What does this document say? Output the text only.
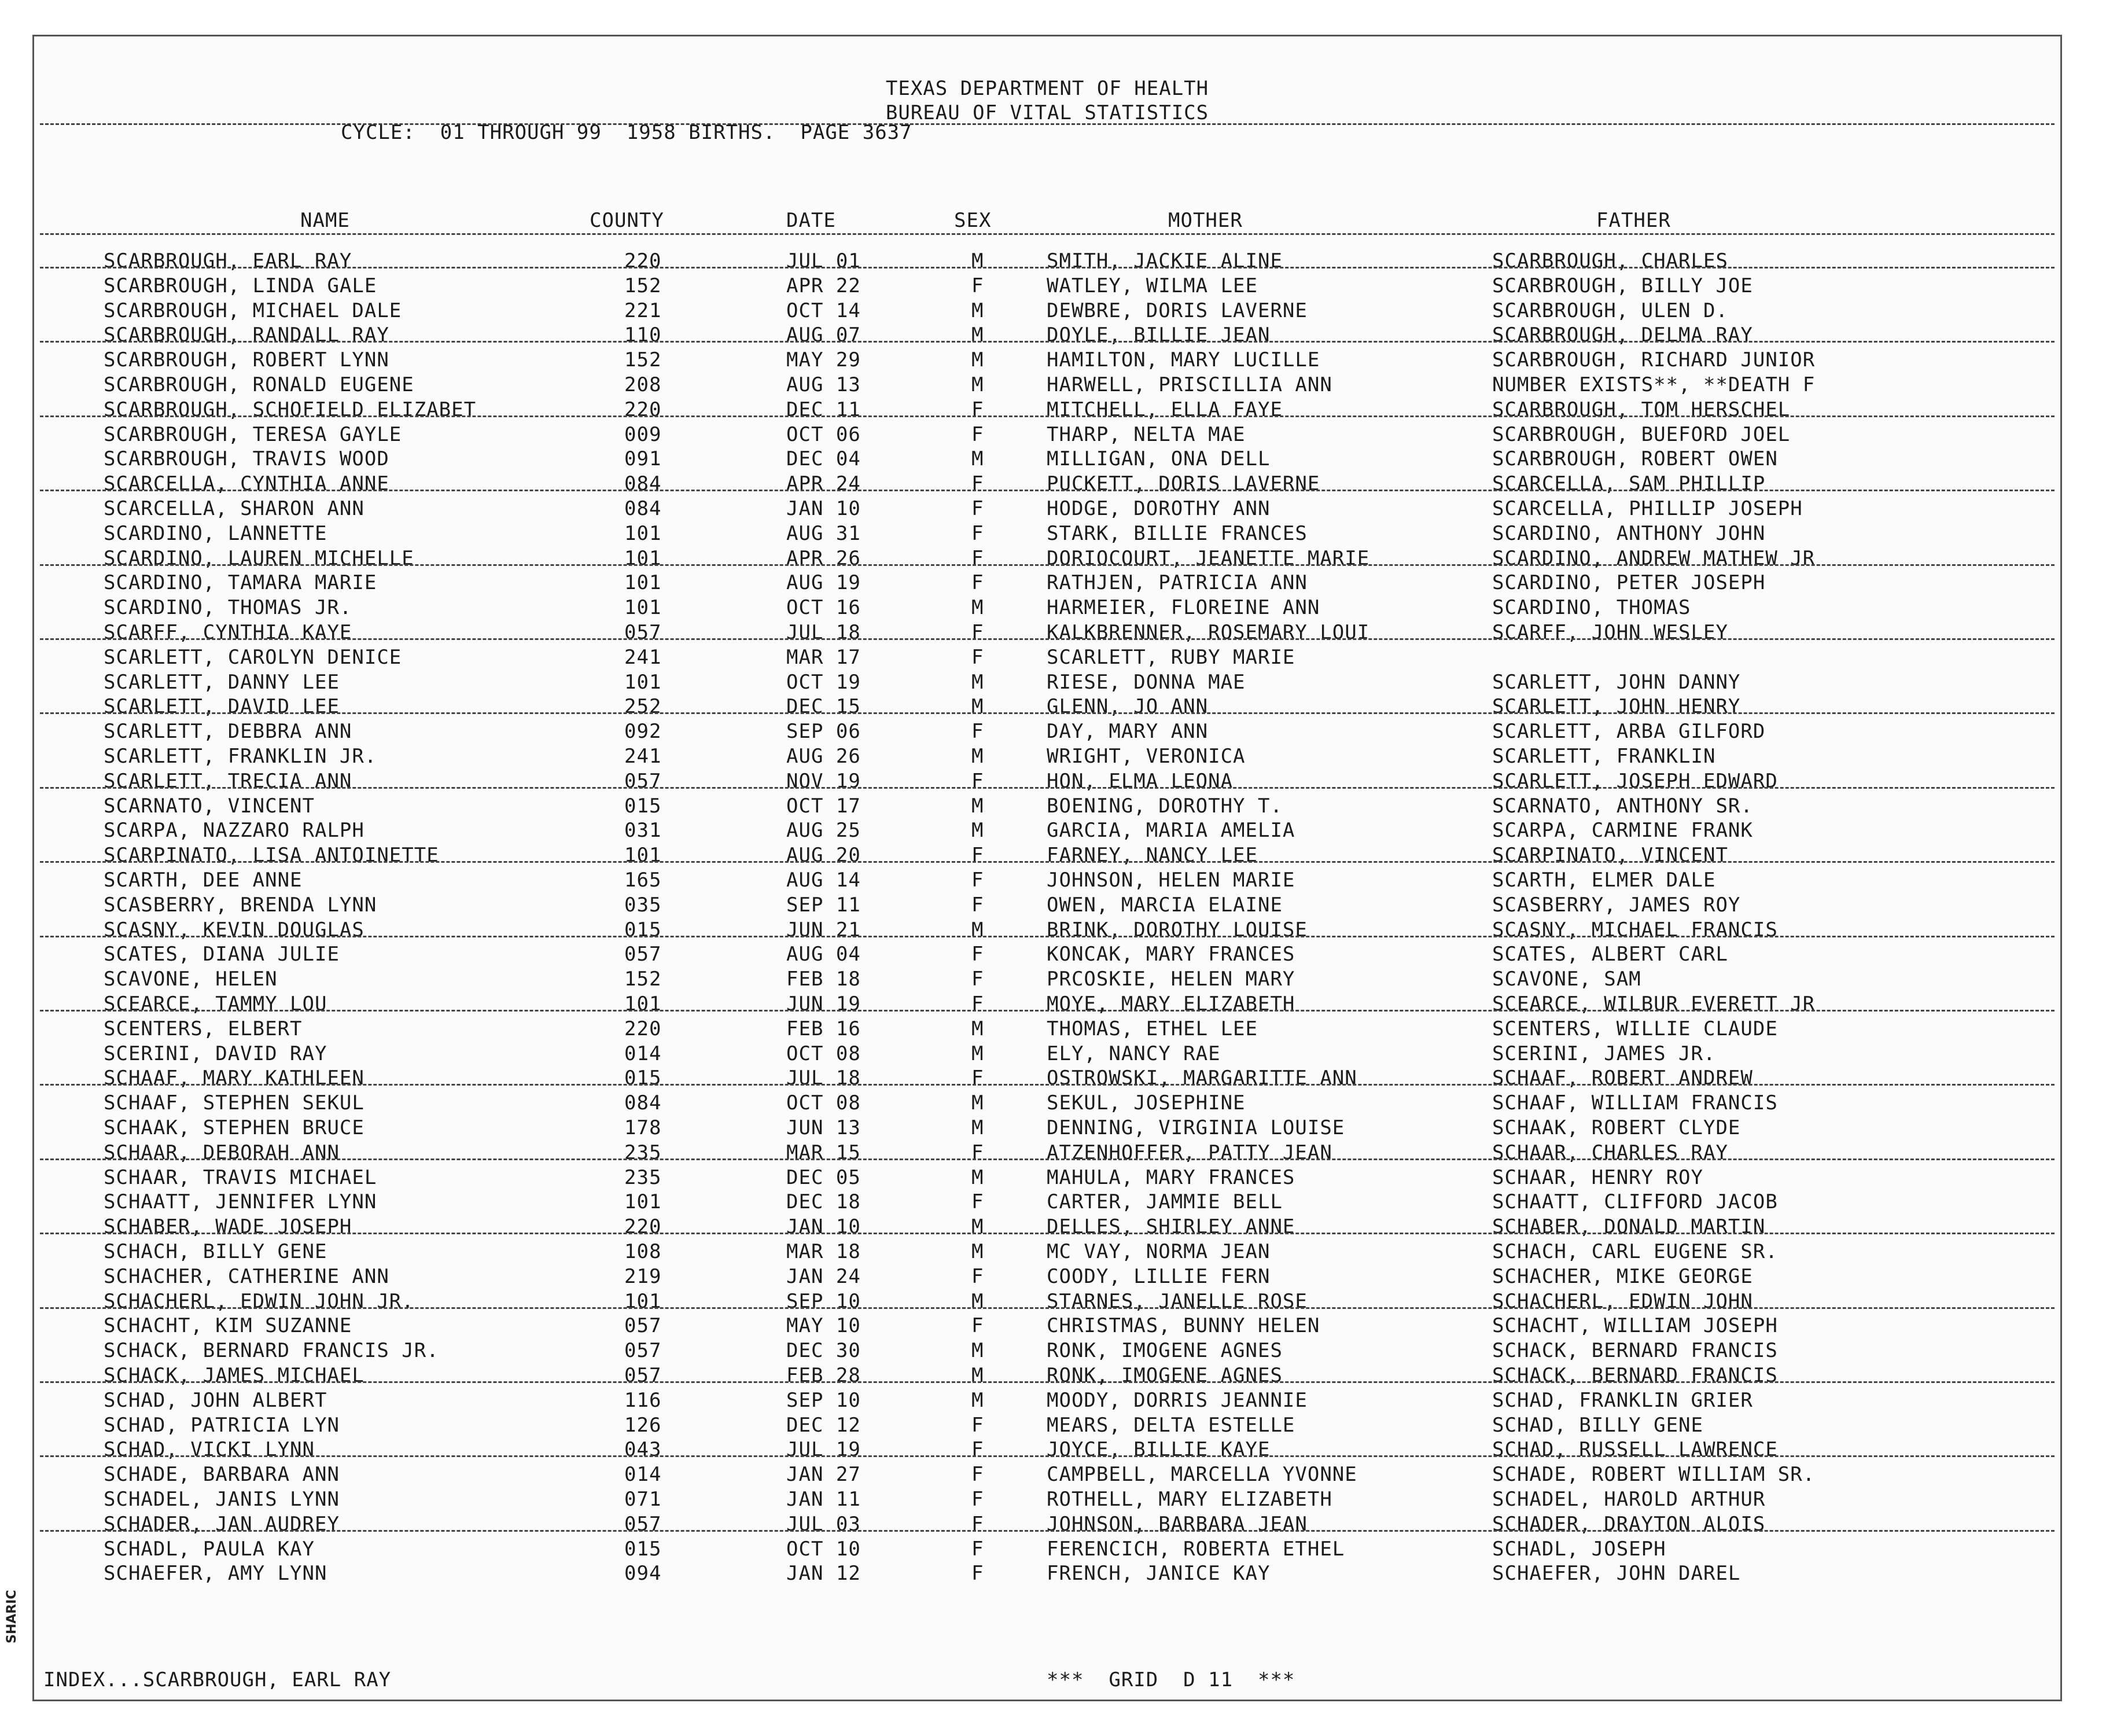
SHARIC
TEXAS DEPARTMENT OF HEALTH
BUREAU OF VITAL STATISTICS
CYCLE:  01 THROUGH 99  1958 BIRTHS.  PAGE 3637
NAME	COUNTY	DATE	SEX	MOTHER	FATHER
SCARBROUGH, EARL RAY	220	JUL 01	M	SMITH, JACKIE ALINE	SCARBROUGH, CHARLES
SCARBROUGH, LINDA GALE	152	APR 22	F	WATLEY, WILMA LEE	SCARBROUGH, BILLY JOE
SCARBROUGH, MICHAEL DALE	221	OCT 14	M	DEWBRE, DORIS LAVERNE	SCARBROUGH, ULEN D.
SCARBROUGH, RANDALL RAY	110	AUG 07	M	DOYLE, BILLIE JEAN	SCARBROUGH, DELMA RAY
SCARBROUGH, ROBERT LYNN	152	MAY 29	M	HAMILTON, MARY LUCILLE	SCARBROUGH, RICHARD JUNIOR
SCARBROUGH, RONALD EUGENE	208	AUG 13	M	HARWELL, PRISCILLIA ANN	NUMBER EXISTS**, **DEATH F
SCARBROUGH, SCHOFIELD ELIZABET	220	DEC 11	F	MITCHELL, ELLA FAYE	SCARBROUGH, TOM HERSCHEL
SCARBROUGH, TERESA GAYLE	009	OCT 06	F	THARP, NELTA MAE	SCARBROUGH, BUEFORD JOEL
SCARBROUGH, TRAVIS WOOD	091	DEC 04	M	MILLIGAN, ONA DELL	SCARBROUGH, ROBERT OWEN
SCARCELLA, CYNTHIA ANNE	084	APR 24	F	PUCKETT, DORIS LAVERNE	SCARCELLA, SAM PHILLIP
SCARCELLA, SHARON ANN	084	JAN 10	F	HODGE, DOROTHY ANN	SCARCELLA, PHILLIP JOSEPH
SCARDINO, LANNETTE	101	AUG 31	F	STARK, BILLIE FRANCES	SCARDINO, ANTHONY JOHN
SCARDINO, LAUREN MICHELLE	101	APR 26	F	DORIOCOURT, JEANETTE MARIE	SCARDINO, ANDREW MATHEW JR
SCARDINO, TAMARA MARIE	101	AUG 19	F	RATHJEN, PATRICIA ANN	SCARDINO, PETER JOSEPH
SCARDINO, THOMAS JR.	101	OCT 16	M	HARMEIER, FLOREINE ANN	SCARDINO, THOMAS
SCARFF, CYNTHIA KAYE	057	JUL 18	F	KALKBRENNER, ROSEMARY LOUI	SCARFF, JOHN WESLEY
SCARLETT, CAROLYN DENICE	241	MAR 17	F	SCARLETT, RUBY MARIE
SCARLETT, DANNY LEE	101	OCT 19	M	RIESE, DONNA MAE	SCARLETT, JOHN DANNY
SCARLETT, DAVID LEE	252	DEC 15	M	GLENN, JO ANN	SCARLETT, JOHN HENRY
SCARLETT, DEBBRA ANN	092	SEP 06	F	DAY, MARY ANN	SCARLETT, ARBA GILFORD
SCARLETT, FRANKLIN JR.	241	AUG 26	M	WRIGHT, VERONICA	SCARLETT, FRANKLIN
SCARLETT, TRECIA ANN	057	NOV 19	F	HON, ELMA LEONA	SCARLETT, JOSEPH EDWARD
SCARNATO, VINCENT	015	OCT 17	M	BOENING, DOROTHY T.	SCARNATO, ANTHONY SR.
SCARPA, NAZZARO RALPH	031	AUG 25	M	GARCIA, MARIA AMELIA	SCARPA, CARMINE FRANK
SCARPINATO, LISA ANTOINETTE	101	AUG 20	F	FARNEY, NANCY LEE	SCARPINATO, VINCENT
SCARTH, DEE ANNE	165	AUG 14	F	JOHNSON, HELEN MARIE	SCARTH, ELMER DALE
SCASBERRY, BRENDA LYNN	035	SEP 11	F	OWEN, MARCIA ELAINE	SCASBERRY, JAMES ROY
SCASNY, KEVIN DOUGLAS	015	JUN 21	M	BRINK, DOROTHY LOUISE	SCASNY, MICHAEL FRANCIS
SCATES, DIANA JULIE	057	AUG 04	F	KONCAK, MARY FRANCES	SCATES, ALBERT CARL
SCAVONE, HELEN	152	FEB 18	F	PRCOSKIE, HELEN MARY	SCAVONE, SAM
SCEARCE, TAMMY LOU	101	JUN 19	F	MOYE, MARY ELIZABETH	SCEARCE, WILBUR EVERETT JR
SCENTERS, ELBERT	220	FEB 16	M	THOMAS, ETHEL LEE	SCENTERS, WILLIE CLAUDE
SCERINI, DAVID RAY	014	OCT 08	M	ELY, NANCY RAE	SCERINI, JAMES JR.
SCHAAF, MARY KATHLEEN	015	JUL 18	F	OSTROWSKI, MARGARITTE ANN	SCHAAF, ROBERT ANDREW
SCHAAF, STEPHEN SEKUL	084	OCT 08	M	SEKUL, JOSEPHINE	SCHAAF, WILLIAM FRANCIS
SCHAAK, STEPHEN BRUCE	178	JUN 13	M	DENNING, VIRGINIA LOUISE	SCHAAK, ROBERT CLYDE
SCHAAR, DEBORAH ANN	235	MAR 15	F	ATZENHOFFER, PATTY JEAN	SCHAAR, CHARLES RAY
SCHAAR, TRAVIS MICHAEL	235	DEC 05	M	MAHULA, MARY FRANCES	SCHAAR, HENRY ROY
SCHAATT, JENNIFER LYNN	101	DEC 18	F	CARTER, JAMMIE BELL	SCHAATT, CLIFFORD JACOB
SCHABER, WADE JOSEPH	220	JAN 10	M	DELLES, SHIRLEY ANNE	SCHABER, DONALD MARTIN
SCHACH, BILLY GENE	108	MAR 18	M	MC VAY, NORMA JEAN	SCHACH, CARL EUGENE SR.
SCHACHER, CATHERINE ANN	219	JAN 24	F	COODY, LILLIE FERN	SCHACHER, MIKE GEORGE
SCHACHERL, EDWIN JOHN JR.	101	SEP 10	M	STARNES, JANELLE ROSE	SCHACHERL, EDWIN JOHN
SCHACHT, KIM SUZANNE	057	MAY 10	F	CHRISTMAS, BUNNY HELEN	SCHACHT, WILLIAM JOSEPH
SCHACK, BERNARD FRANCIS JR.	057	DEC 30	M	RONK, IMOGENE AGNES	SCHACK, BERNARD FRANCIS
SCHACK, JAMES MICHAEL	057	FEB 28	M	RONK, IMOGENE AGNES	SCHACK, BERNARD FRANCIS
SCHAD, JOHN ALBERT	116	SEP 10	M	MOODY, DORRIS JEANNIE	SCHAD, FRANKLIN GRIER
SCHAD, PATRICIA LYN	126	DEC 12	F	MEARS, DELTA ESTELLE	SCHAD, BILLY GENE
SCHAD, VICKI LYNN	043	JUL 19	F	JOYCE, BILLIE KAYE	SCHAD, RUSSELL LAWRENCE
SCHADE, BARBARA ANN	014	JAN 27	F	CAMPBELL, MARCELLA YVONNE	SCHADE, ROBERT WILLIAM SR.
SCHADEL, JANIS LYNN	071	JAN 11	F	ROTHELL, MARY ELIZABETH	SCHADEL, HAROLD ARTHUR
SCHADER, JAN AUDREY	057	JUL 03	F	JOHNSON, BARBARA JEAN	SCHADER, DRAYTON ALOIS
SCHADL, PAULA KAY	015	OCT 10	F	FERENCICH, ROBERTA ETHEL	SCHADL, JOSEPH
SCHAEFER, AMY LYNN	094	JAN 12	F	FRENCH, JANICE KAY	SCHAEFER, JOHN DAREL
INDEX...SCARBROUGH, EARL RAY	***  GRID  D 11  ***
